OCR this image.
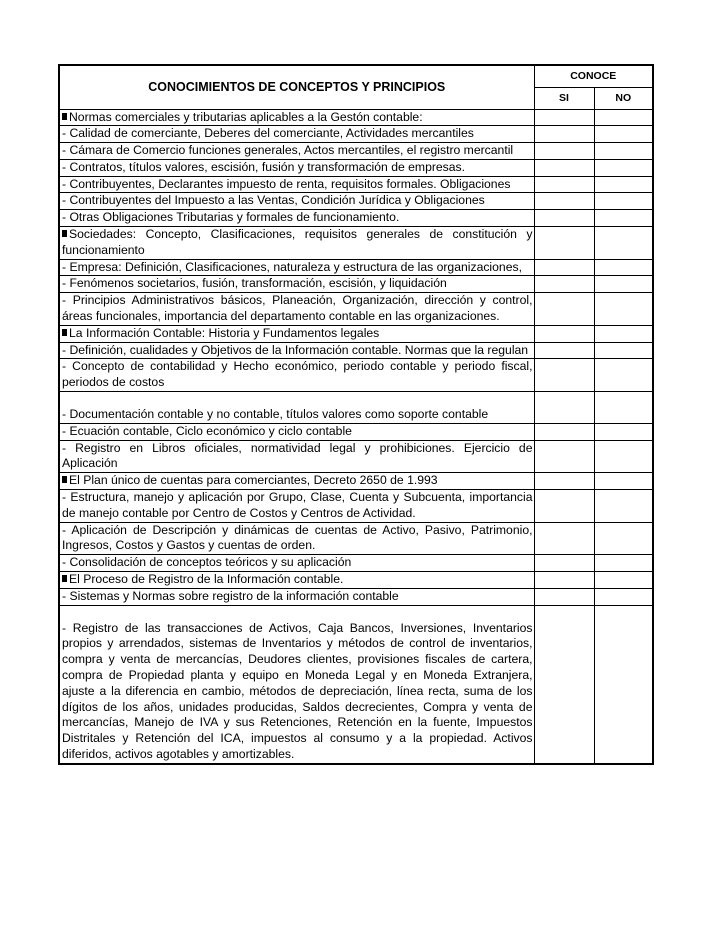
CONOCIMIENTOS DE CONCEPTOS Y PRINCIPIOS	CONOCE	
	SI	NO

Normas comerciales y tributarias aplicables a la Gestón contable:		

- Calidad de comerciante, Deberes del comerciante, Actividades mercantiles		

- Cámara de Comercio funciones generales, Actos mercantiles, el registro mercantil		

- Contratos, títulos valores, escisión, fusión y transformación de empresas.		

- Contribuyentes, Declarantes impuesto de renta, requisitos formales. Obligaciones		

- Contribuyentes del Impuesto a las Ventas, Condición Jurídica y Obligaciones		

- Otras Obligaciones Tributarias y formales de funcionamiento.		

Sociedades: Concepto, Clasificaciones, requisitos generales de constitución y funcionamiento		

- Empresa: Definición, Clasificaciones, naturaleza y estructura de las organizaciones,		

- Fenómenos societarios, fusión, transformación, escisión, y liquidación		

- Principios Administrativos básicos, Planeación, Organización, dirección y control, áreas funcionales, importancia del departamento contable en las organizaciones.		

La Información Contable: Historia y Fundamentos legales		

- Definición, cualidades y Objetivos de la Información contable. Normas que la regulan		

- Concepto de contabilidad y Hecho económico, periodo contable y periodo fiscal, periodos de costos		

- Documentación contable y no contable, títulos valores como soporte contable		

- Ecuación contable, Ciclo económico y ciclo contable		

- Registro en Libros oficiales, normatividad legal y prohibiciones. Ejercicio de Aplicación		

El Plan único de cuentas para comerciantes, Decreto 2650 de 1.993		

- Estructura, manejo y aplicación por Grupo, Clase, Cuenta y Subcuenta, importancia de manejo contable por Centro de Costos y Centros de Actividad.		

- Aplicación de Descripción y dinámicas de cuentas de Activo, Pasivo, Patrimonio, Ingresos, Costos y Gastos y cuentas de orden.		

- Consolidación de conceptos teóricos y su aplicación		

El Proceso de Registro de la Información contable.		

- Sistemas y Normas sobre registro de la información contable		

- Registro de las transacciones de Activos, Caja Bancos, Inversiones, Inventarios propios y arrendados, sistemas de Inventarios y métodos de control de inventarios, compra y venta de mercancías, Deudores clientes, provisiones fiscales de cartera, compra de Propiedad planta y equipo en Moneda Legal y en Moneda Extranjera, ajuste a la diferencia en cambio, métodos de depreciación, línea recta, suma de los dígitos de los años, unidades producidas, Saldos decrecientes, Compra y venta de mercancías, Manejo de IVA y sus Retenciones, Retención en la fuente, Impuestos Distritales y Retención del ICA, impuestos al consumo y a la propiedad. Activos diferidos, activos agotables y amortizables.		
